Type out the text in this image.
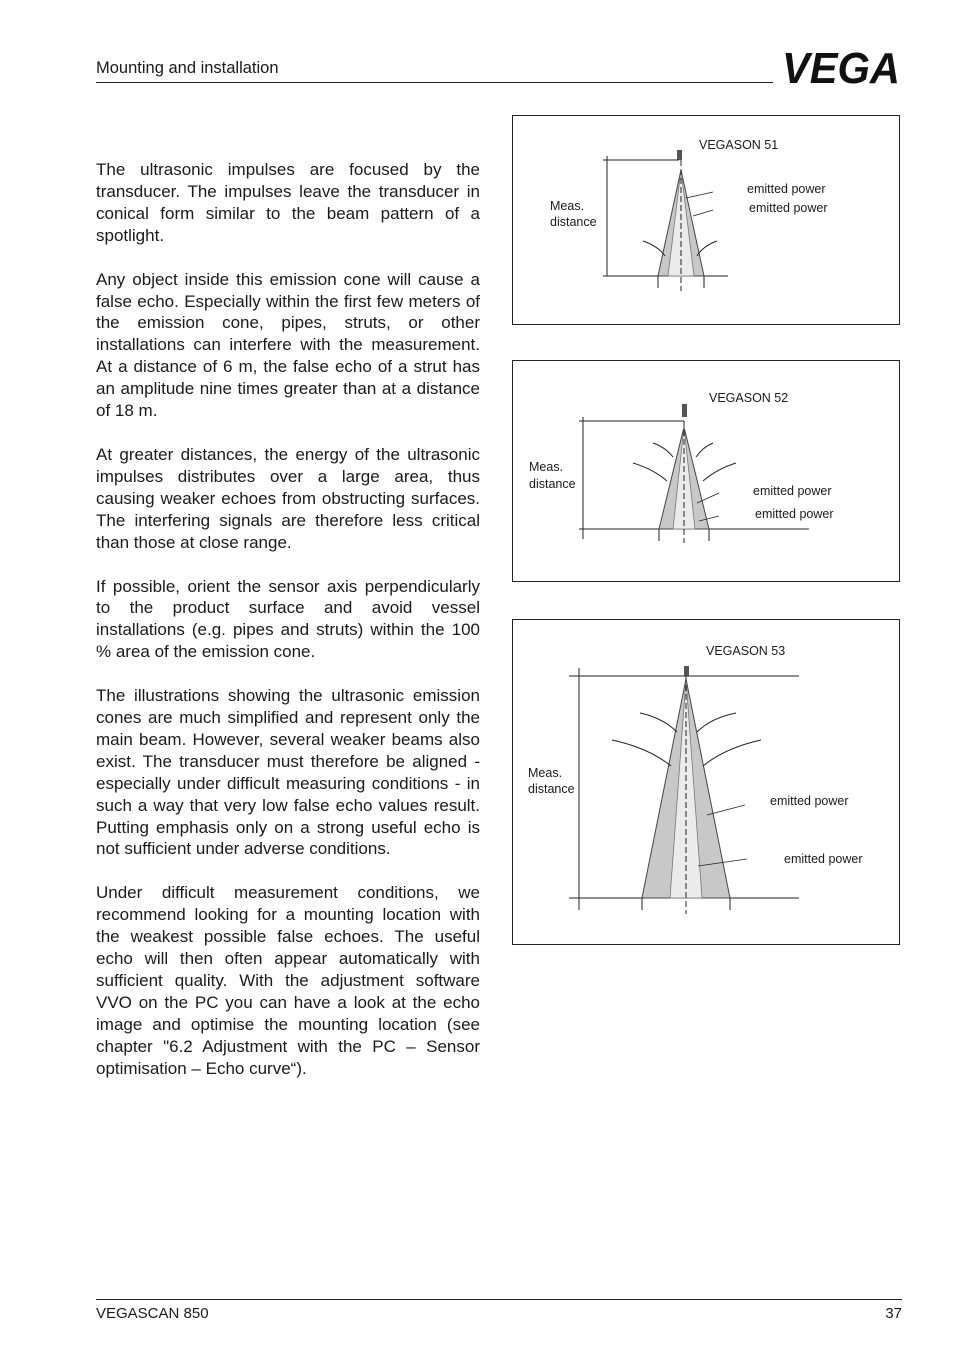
Mounting and installation	VEGA

The ultrasonic impulses are focused by the transducer. The impulses leave the transducer in conical form similar to the beam pattern of a spotlight.

Any object inside this emission cone will cause a false echo. Especially within the first few meters of the emission cone, pipes, struts, or other installations can interfere with the measurement. At a distance of 6 m, the false echo of a strut has an amplitude nine times greater than at a distance of 18 m.

At greater distances, the energy of the ultrasonic impulses distributes over a large area, thus causing weaker echoes from obstructing surfaces. The interfering signals are therefore less critical than those at close range.

If possible, orient the sensor axis perpendicularly to the product surface and avoid vessel installations (e.g. pipes and struts) within the 100 % area of the emission cone.

The illustrations showing the ultrasonic emission cones are much simplified and represent only the main beam. However, several weaker beams also exist. The transducer must therefore be aligned - especially under difficult measuring conditions - in such a way that very low false echo values result. Putting emphasis only on a strong useful echo is not sufficient under adverse conditions.

Under difficult measurement conditions, we recommend looking for a mounting location with the weakest possible false echoes. The useful echo will then often appear automatically with sufficient quality. With the adjustment software VVO on the PC you can have a look at the echo image and optimise the mounting location (see chapter "6.2 Adjustment with the PC – Sensor optimisation – Echo curve“).

VEGASON 51
emitted power
emitted power
Meas.
distance
VEGASON 52
emitted power
emitted power
Meas.
distance
VEGASON 53
emitted power
emitted power
Meas.
distance
VEGASCAN 850	37
